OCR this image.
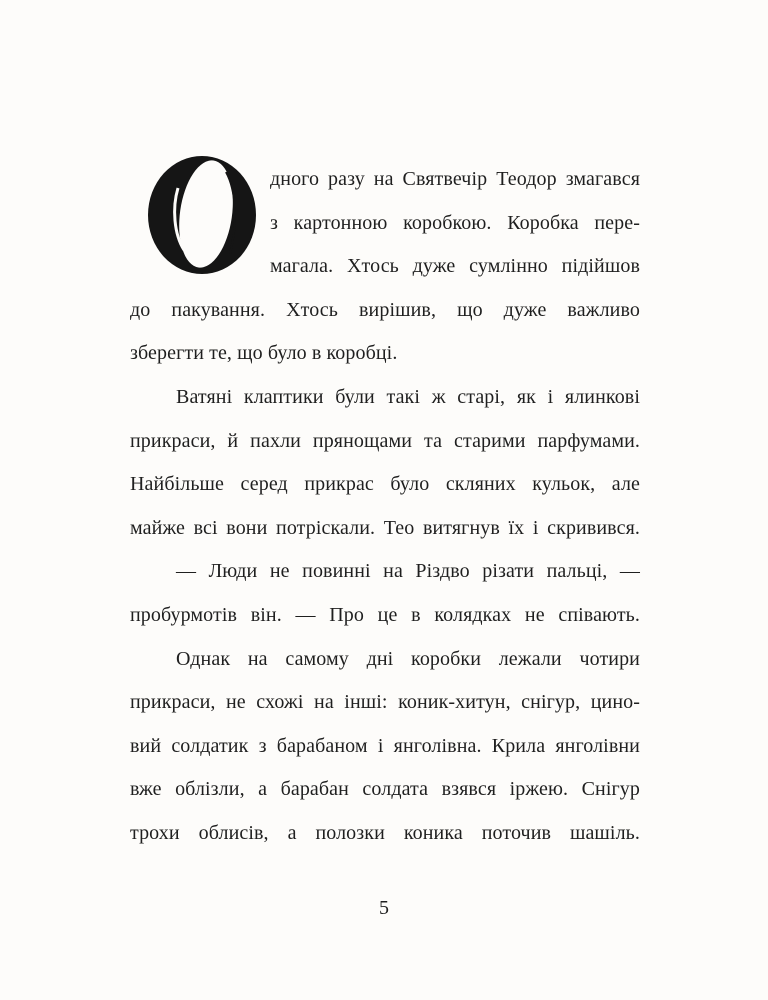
дного разу на Святвечір Теодор змагався
з картонною коробкою. Коробка пере-
магала. Хтось дуже сумлінно підійшов
до пакування. Хтось вирішив, що дуже важливо
зберегти те, що було в коробці.
Ватяні клаптики були такі ж старі, як і ялинкові
прикраси, й пахли прянощами та старими парфумами.
Найбільше серед прикрас було скляних кульок, але
майже всі вони потріскали. Тео витягнув їх і скривився.
— Люди не повинні на Різдво різати пальці, —
пробурмотів він. — Про це в колядках не співають.
Однак на самому дні коробки лежали чотири
прикраси, не схожі на інші: коник-хитун, снігур, цино-
вий солдатик з барабаном і янголівна. Крила янголівни
вже облізли, а барабан солдата взявся іржею. Снігур
трохи облисів, а полозки коника поточив шашіль.
5
